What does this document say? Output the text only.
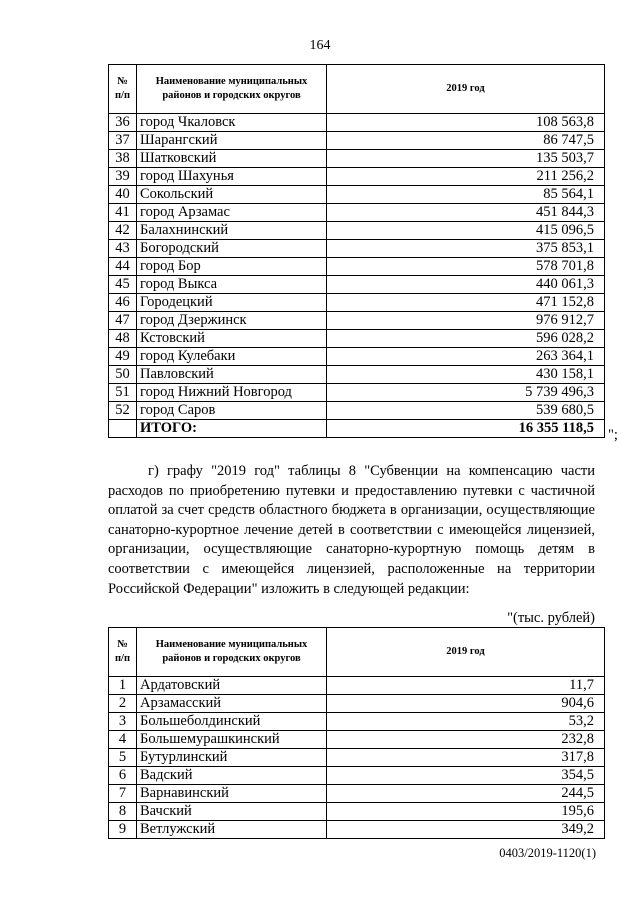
164
№ п/п	Наименование муниципальных районов и городских округов	2019 год
36	город Чкаловск	108 563,8
37	Шарангский	86 747,5
38	Шатковский	135 503,7
39	город Шахунья	211 256,2
40	Сокольский	85 564,1
41	город Арзамас	451 844,3
42	Балахнинский	415 096,5
43	Богородский	375 853,1
44	город Бор	578 701,8
45	город Выкса	440 061,3
46	Городецкий	471 152,8
47	город Дзержинск	976 912,7
48	Кстовский	596 028,2
49	город Кулебаки	263 364,1
50	Павловский	430 158,1
51	город Нижний Новгород	5 739 496,3
52	город Саров	539 680,5
	ИТОГО:	16 355 118,5 ";

г) графу "2019 год" таблицы 8 "Субвенции на компенсацию части расходов по приобретению путевки и предоставлению путевки с частичной оплатой за счет средств областного бюджета в организации, осуществляющие санаторно-курортное лечение детей в соответствии с имеющейся лицензией, организации, осуществляющие санаторно-курортную помощь детям в соответствии с имеющейся лицензией, расположенные на территории Российской Федерации" изложить в следующей редакции:

"(тыс. рублей)
№ п/п	Наименование муниципальных районов и городских округов	2019 год
1	Ардатовский	11,7
2	Арзамасский	904,6
3	Большеболдинский	53,2
4	Большемурашкинский	232,8
5	Бутурлинский	317,8
6	Вадский	354,5
7	Варнавинский	244,5
8	Вачский	195,6
9	Ветлужский	349,2
0403/2019-1120(1)
